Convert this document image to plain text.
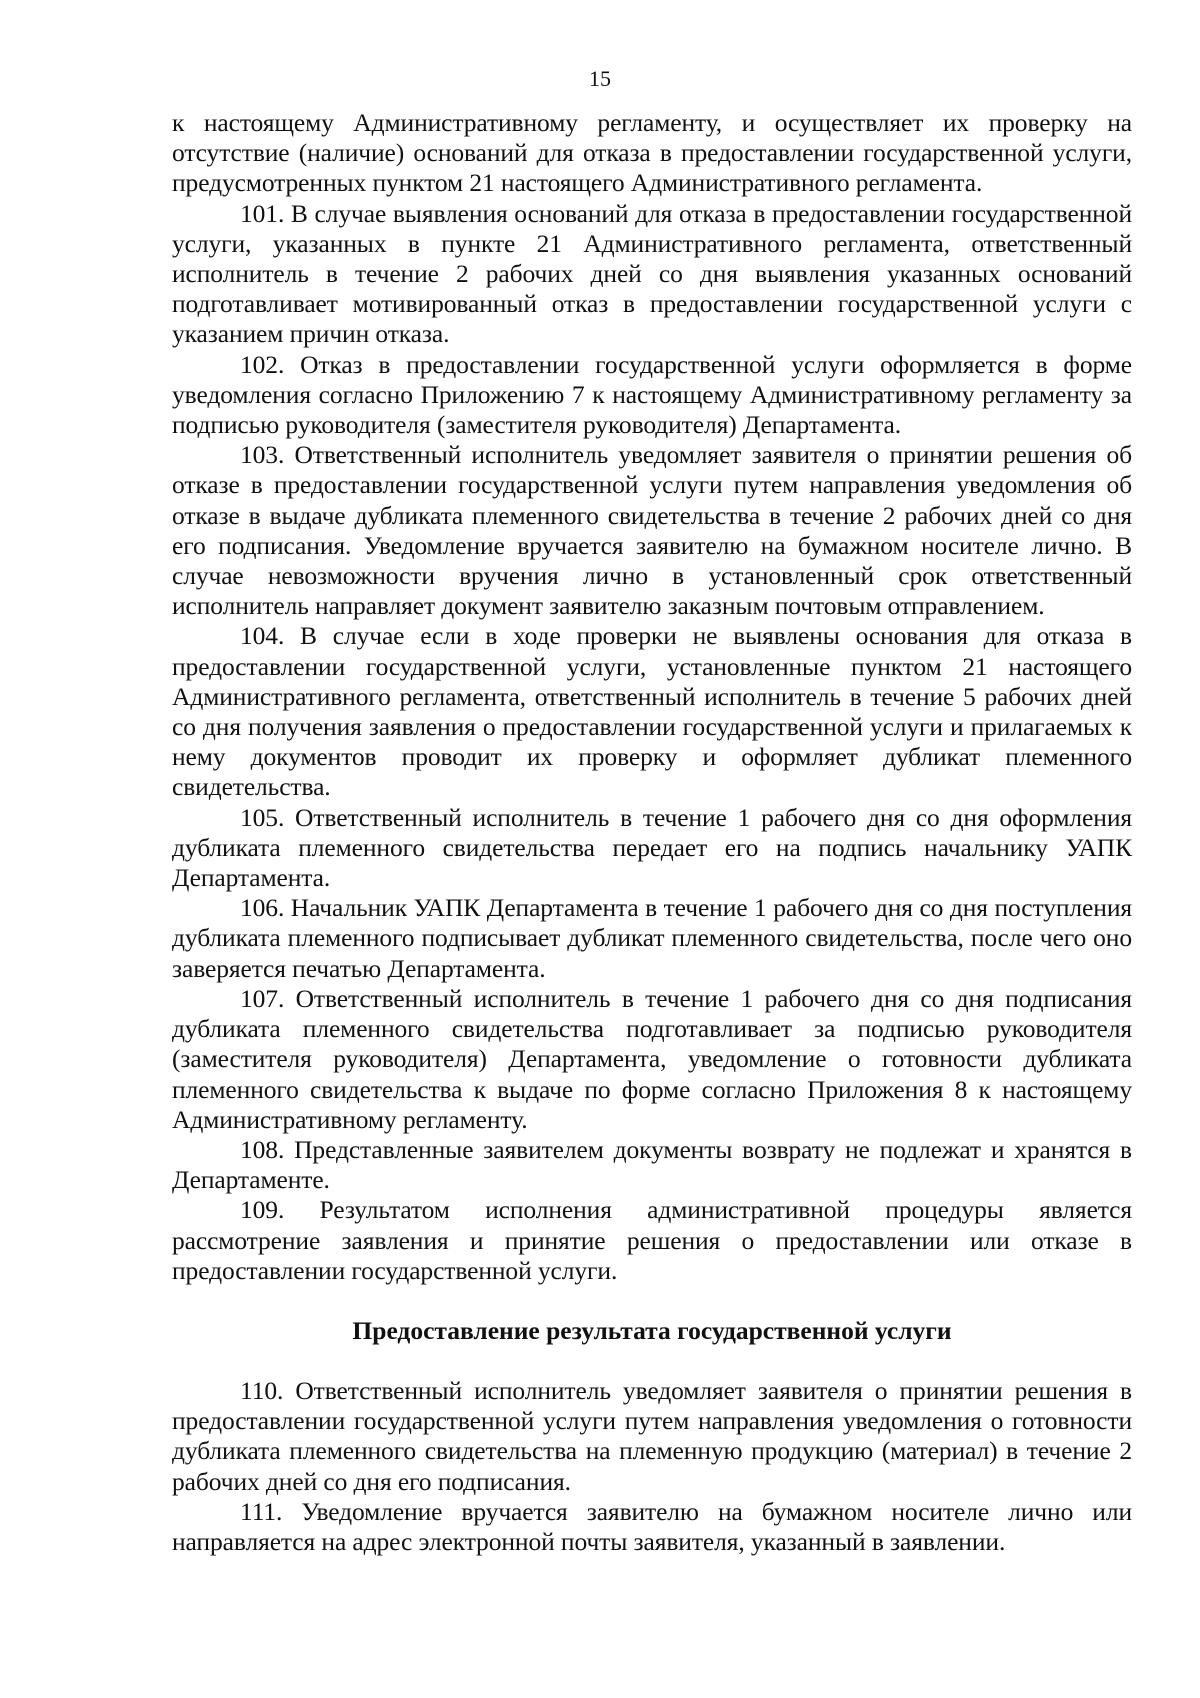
15

к настоящему Административному регламенту, и осуществляет их проверку на отсутствие (наличие) оснований для отказа в предоставлении государственной услуги, предусмотренных пунктом 21 настоящего Административного регламента.

101. В случае выявления оснований для отказа в предоставлении государственной услуги, указанных в пункте 21 Административного регламента, ответственный исполнитель в течение 2 рабочих дней со дня выявления указанных оснований подготавливает мотивированный отказ в предоставлении государственной услуги с указанием причин отказа.

102. Отказ в предоставлении государственной услуги оформляется в форме уведомления согласно Приложению 7 к настоящему Административному регламенту за подписью руководителя (заместителя руководителя) Департамента.

103. Ответственный исполнитель уведомляет заявителя о принятии решения об отказе в предоставлении государственной услуги путем направления уведомления об отказе в выдаче дубликата племенного свидетельства в течение 2 рабочих дней со дня его подписания. Уведомление вручается заявителю на бумажном носителе лично. В случае невозможности вручения лично в установленный срок ответственный исполнитель направляет документ заявителю заказным почтовым отправлением.

104. В случае если в ходе проверки не выявлены основания для отказа в предоставлении государственной услуги, установленные пунктом 21 настоящего Административного регламента, ответственный исполнитель в течение 5 рабочих дней со дня получения заявления о предоставлении государственной услуги и прилагаемых к нему документов проводит их проверку и оформляет дубликат племенного свидетельства.

105. Ответственный исполнитель в течение 1 рабочего дня со дня оформления дубликата племенного свидетельства передает его на подпись начальнику УАПК Департамента.

106. Начальник УАПК Департамента в течение 1 рабочего дня со дня поступления дубликата племенного подписывает дубликат племенного свидетельства, после чего оно заверяется печатью Департамента.

107. Ответственный исполнитель в течение 1 рабочего дня со дня подписания дубликата племенного свидетельства подготавливает за подписью руководителя (заместителя руководителя) Департамента, уведомление о готовности дубликата племенного свидетельства к выдаче по форме согласно Приложения 8 к настоящему Административному регламенту.

108. Представленные заявителем документы возврату не подлежат и хранятся в Департаменте.

109. Результатом исполнения административной процедуры является рассмотрение заявления и принятие решения о предоставлении или отказе в предоставлении государственной услуги.

Предоставление результата государственной услуги

110. Ответственный исполнитель уведомляет заявителя о принятии решения в предоставлении государственной услуги путем направления уведомления о готовности дубликата племенного свидетельства на племенную продукцию (материал) в течение 2 рабочих дней со дня его подписания.

111. Уведомление вручается заявителю на бумажном носителе лично или направляется на адрес электронной почты заявителя, указанный в заявлении.
